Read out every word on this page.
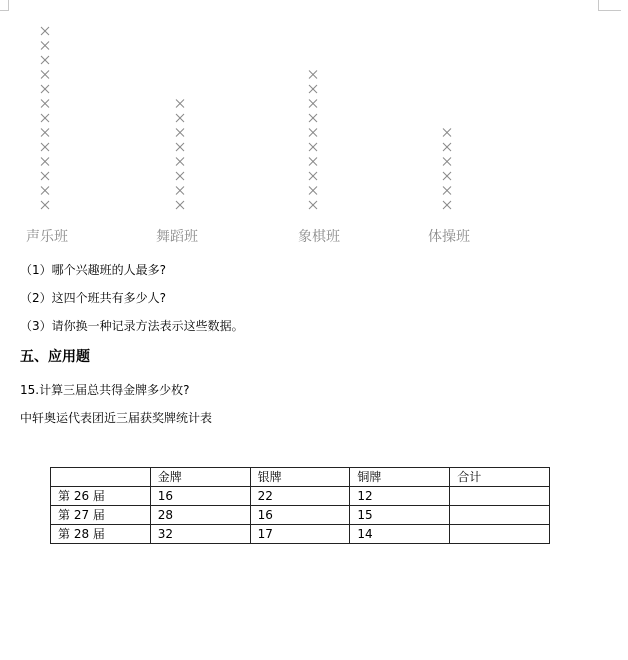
声乐班	舞蹈班	象棋班	体操班
（1）哪个兴趣班的人最多?
（2）这四个班共有多少人?
（3）请你换一种记录方法表示这些数据。
五、应用题
15.计算三届总共得金牌多少枚?
中轩奥运代表团近三届获奖牌统计表
	金牌	银牌	铜牌	合计
第 26 届	16	22	12	
第 27 届	28	16	15	
第 28 届	32	17	14	
